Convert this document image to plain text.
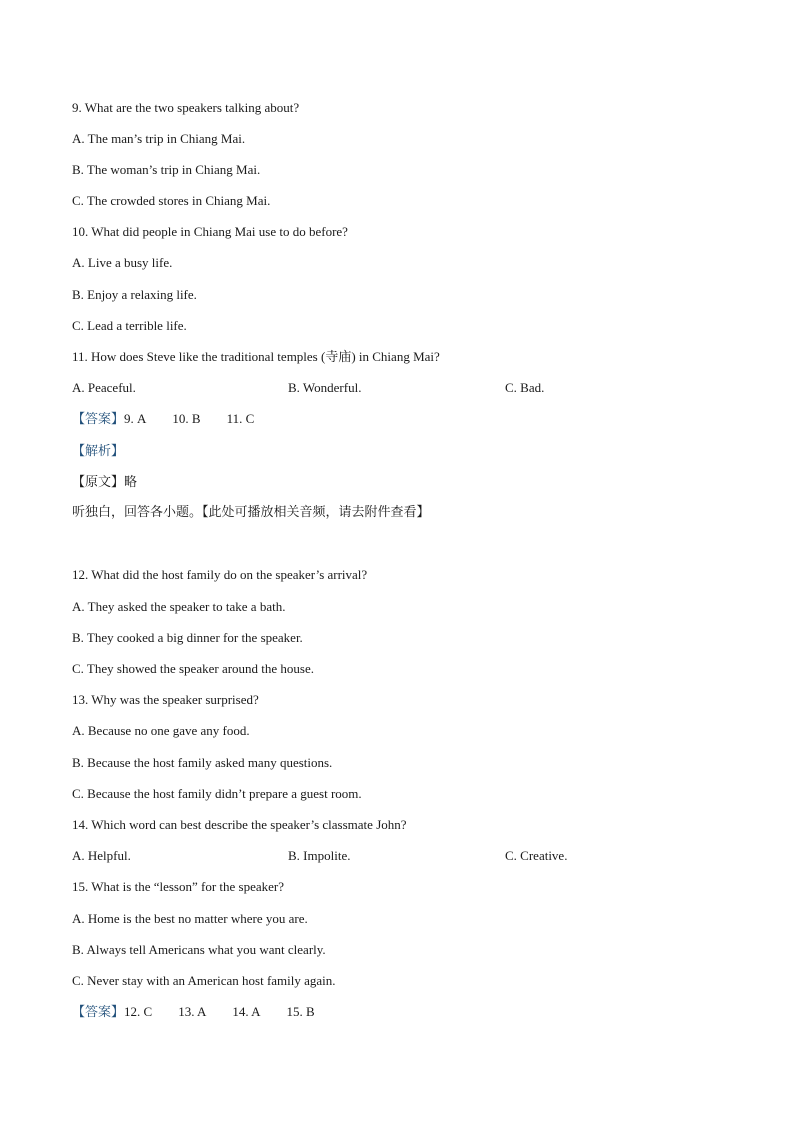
9. What are the two speakers talking about?
A. The man’s trip in Chiang Mai.
B. The woman’s trip in Chiang Mai.
C. The crowded stores in Chiang Mai.
10. What did people in Chiang Mai use to do before?
A. Live a busy life.
B. Enjoy a relaxing life.
C. Lead a terrible life.
11. How does Steve like the traditional temples (寺庙) in Chiang Mai?
A. Peaceful.	B. Wonderful.	C. Bad.
【答案】9. A 10. B 11. C
【解析】
【原文】略
听独白，回答各小题。【此处可播放相关音频，请去附件查看】
12. What did the host family do on the speaker’s arrival?
A. They asked the speaker to take a bath.
B. They cooked a big dinner for the speaker.
C. They showed the speaker around the house.
13. Why was the speaker surprised?
A. Because no one gave any food.
B. Because the host family asked many questions.
C. Because the host family didn’t prepare a guest room.
14. Which word can best describe the speaker’s classmate John?
A. Helpful.	B. Impolite.	C. Creative.
15. What is the “lesson” for the speaker?
A. Home is the best no matter where you are.
B. Always tell Americans what you want clearly.
C. Never stay with an American host family again.
【答案】12. C 13. A 14. A 15. B
